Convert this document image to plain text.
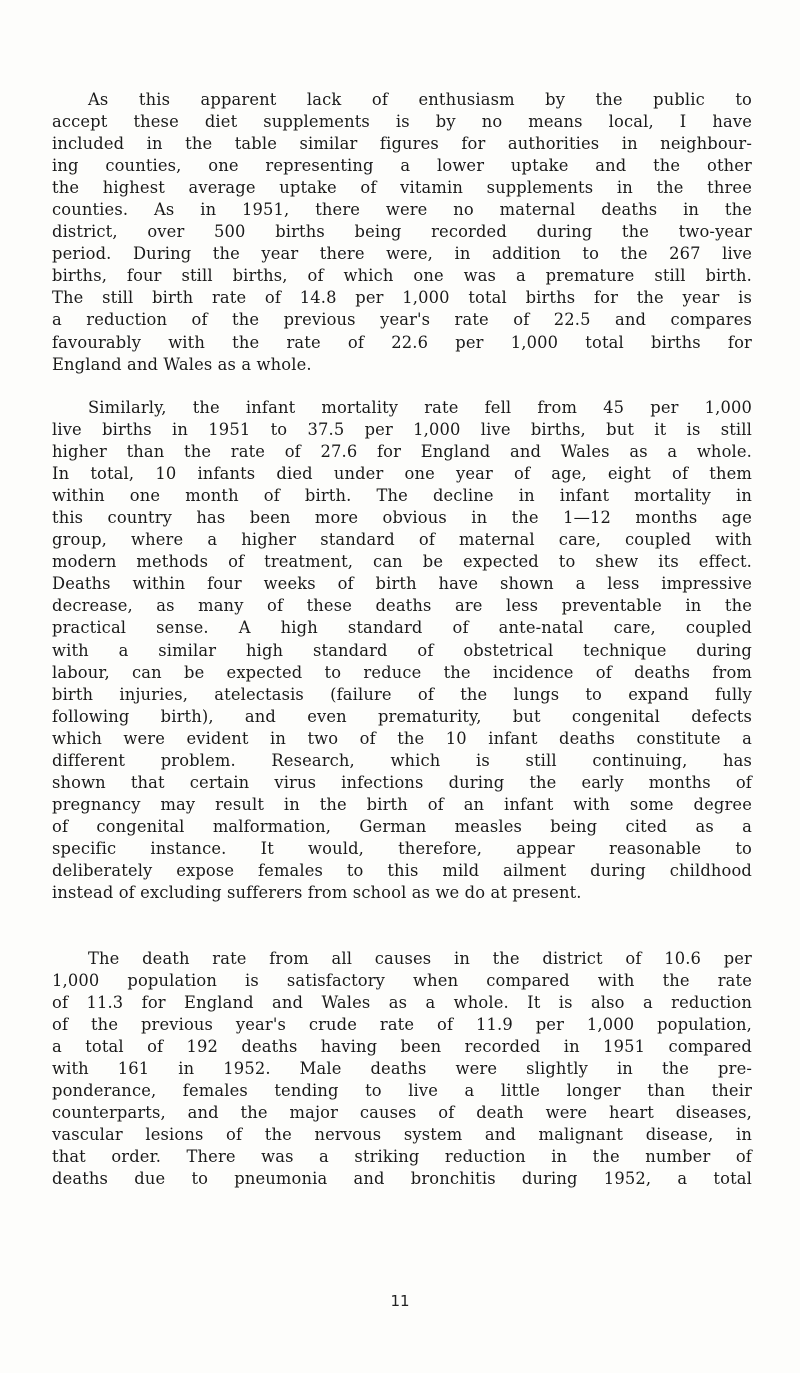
As this apparent lack of enthusiasm by the public to
accept these diet supplements is by no means local, I have
included in the table similar figures for authorities in neighbour-
ing counties, one representing a lower uptake and the other
the highest average uptake of vitamin supplements in the three
counties. As in 1951, there were no maternal deaths in the
district, over 500 births being recorded during the two-year
period. During the year there were, in addition to the 267 live
births, four still births, of which one was a premature still birth.
The still birth rate of 14.8 per 1,000 total births for the year is
a reduction of the previous year's rate of 22.5 and compares
favourably with the rate of 22.6 per 1,000 total births for
England and Wales as a whole.
Similarly, the infant mortality rate fell from 45 per 1,000
live births in 1951 to 37.5 per 1,000 live births, but it is still
higher than the rate of 27.6 for England and Wales as a whole.
In total, 10 infants died under one year of age, eight of them
within one month of birth. The decline in infant mortality in
this country has been more obvious in the 1—12 months age
group, where a higher standard of maternal care, coupled with
modern methods of treatment, can be expected to shew its effect.
Deaths within four weeks of birth have shown a less impressive
decrease, as many of these deaths are less preventable in the
practical sense. A high standard of ante-natal care, coupled
with a similar high standard of obstetrical technique during
labour, can be expected to reduce the incidence of deaths from
birth injuries, atelectasis (failure of the lungs to expand fully
following birth), and even prematurity, but congenital defects
which were evident in two of the 10 infant deaths constitute a
different problem. Research, which is still continuing, has
shown that certain virus infections during the early months of
pregnancy may result in the birth of an infant with some degree
of congenital malformation, German measles being cited as a
specific instance. It would, therefore, appear reasonable to
deliberately expose females to this mild ailment during childhood
instead of excluding sufferers from school as we do at present.
The death rate from all causes in the district of 10.6 per
1,000 population is satisfactory when compared with the rate
of 11.3 for England and Wales as a whole. It is also a reduction
of the previous year's crude rate of 11.9 per 1,000 population,
a total of 192 deaths having been recorded in 1951 compared
with 161 in 1952. Male deaths were slightly in the pre-
ponderance, females tending to live a little longer than their
counterparts, and the major causes of death were heart diseases,
vascular lesions of the nervous system and malignant disease, in
that order. There was a striking reduction in the number of
deaths due to pneumonia and bronchitis during 1952, a total
11
